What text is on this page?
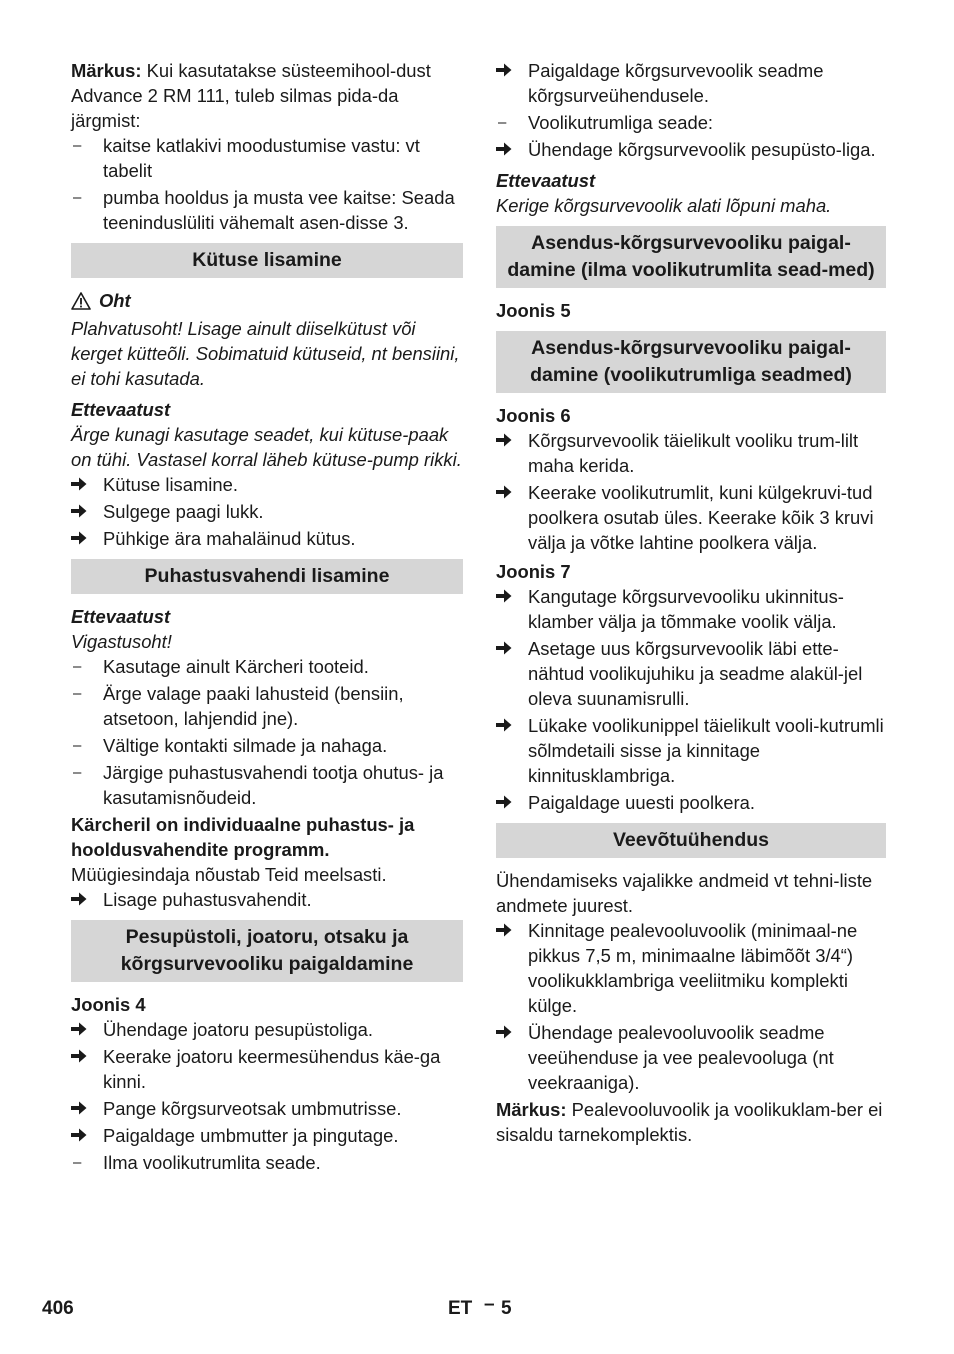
Märkus: Kui kasutatakse süsteemihool-dust Advance 2 RM 111, tuleb silmas pida-da järgmist:

–	kaitse katlakivi moodustumise vastu: vt tabelit
–	pumba hooldus ja musta vee kaitse: Seada teeninduslüliti vähemalt asen-disse 3.
Kütuse lisamine
Oht

Plahvatusoht! Lisage ainult diiselkütust või kerget kütteõli. Sobimatuid kütuseid, nt bensiini, ei tohi kasutada.

Ettevaatust

Ärge kunagi kasutage seadet, kui kütuse-paak on tühi. Vastasel korral läheb kütuse-pump rikki.

Kütuse lisamine.
Sulgege paagi lukk.
Pühkige ära mahaläinud kütus.
Puhastusvahendi lisamine
Ettevaatust

Vigastusoht!

–	Kasutage ainult Kärcheri tooteid.
–	Ärge valage paaki lahusteid (bensiin, atsetoon, lahjendid jne).
–	Vältige kontakti silmade ja nahaga.
–	Järgige puhastusvahendi tootja ohutus- ja kasutamisnõudeid.

Kärcheril on individuaalne puhastus- ja hooldusvahendite programm.

Müügiesindaja nõustab Teid meelsasti.

Lisage puhastusvahendit.
Pesupüstoli, joatoru, otsaku ja kõrgsurvevooliku paigaldamine
Joonis 4
Ühendage joatoru pesupüstoliga.
Keerake joatoru keermesühendus käe-ga kinni.
Pange kõrgsurveotsak umbmutrisse.
Paigaldage umbmutter ja pingutage.
–	Ilma voolikutrumlita seade.
Paigaldage kõrgsurvevoolik seadme kõrgsurveühendusele.
–	Voolikutrumliga seade:
Ühendage kõrgsurvevoolik pesupüsto-liga.
Ettevaatust

Kerige kõrgsurvevoolik alati lõpuni maha.

Asendus-kõrgsurvevooliku paigal-damine (ilma voolikutrumlita sead-med)
Joonis 5
Asendus-kõrgsurvevooliku paigal-damine (voolikutrumliga seadmed)
Joonis 6
Kõrgsurvevoolik täielikult vooliku trum-lilt maha kerida.
Keerake voolikutrumlit, kuni külgekruvi-tud poolkera osutab üles. Keerake kõik 3 kruvi välja ja võtke lahtine poolkera välja.
Joonis 7
Kangutage kõrgsurvevooliku ukinnitus-klamber välja ja tõmmake voolik välja.
Asetage uus kõrgsurvevoolik läbi ette-nähtud voolikujuhiku ja seadme alakül-jel oleva suunamisrulli.
Lükake voolikunippel täielikult vooli-kutrumli sõlmdetaili sisse ja kinnitage kinnitusklambriga.
Paigaldage uuesti poolkera.
Veevõtuühendus

Ühendamiseks vajalikke andmeid vt tehni-liste andmete juurest.

Kinnitage pealevooluvoolik (minimaal-ne pikkus 7,5 m, minimaalne läbimõõt 3/4“) voolikukklambriga veeliitmiku komplekti külge.
Ühendage pealevooluvoolik seadme veeühenduse ja vee pealevooluga (nt veekraaniga).

Märkus: Pealevooluvoolik ja voolikuklam-ber ei sisaldu tarnekomplektis.

406	ET – 5
